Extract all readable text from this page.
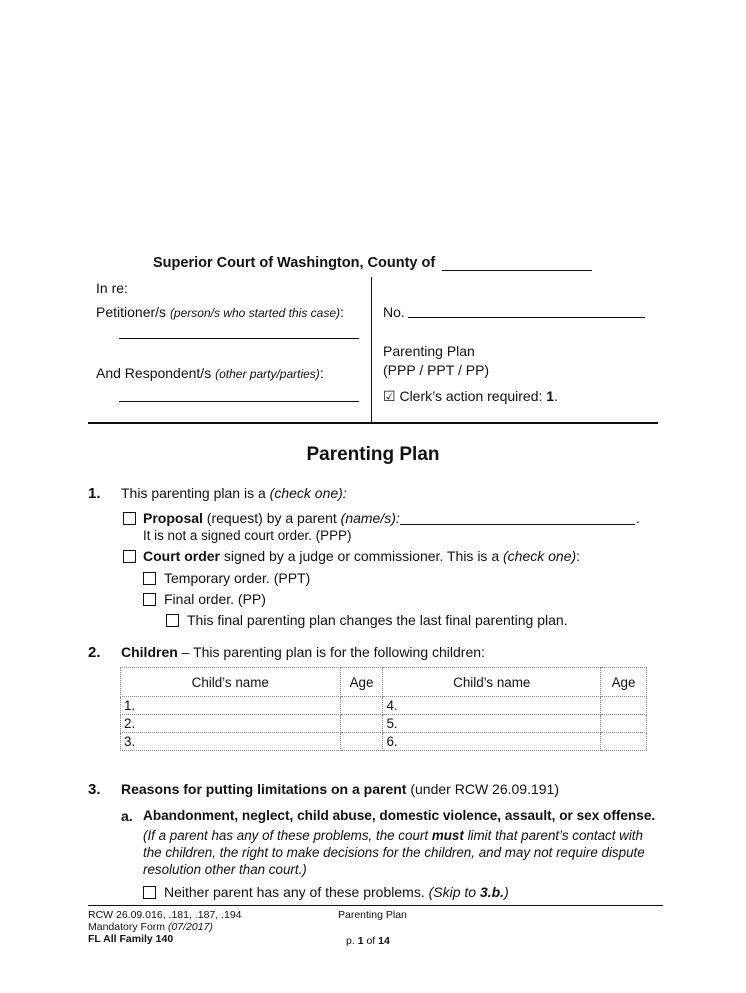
Superior Court of Washington, County of
In re:
Petitioner/s (person/s who started this case):
And Respondent/s (other party/parties):
No.
Parenting Plan
(PPP / PPT / PP)
☑ Clerk’s action required: 1.
Parenting Plan
1. This parenting plan is a (check one):
Proposal (request) by a parent (name/s):	.
It is not a signed court order. (PPP)
Court order signed by a judge or commissioner. This is a (check one):
Temporary order. (PPT)
Final order. (PP)
This final parenting plan changes the last final parenting plan.
2. Children – This parenting plan is for the following children:
Child’s name	Age	Child’s name	Age
1.		4.	
2.		5.	
3.		6.	
3. Reasons for putting limitations on a parent (under RCW 26.09.191)
a. Abandonment, neglect, child abuse, domestic violence, assault, or sex offense.
(If a parent has any of these problems, the court must limit that parent’s contact with
the children, the right to make decisions for the children, and may not require dispute
resolution other than court.)
Neither parent has any of these problems. (Skip to 3.b.)
RCW 26.09.016, .181, .187, .194
Mandatory Form (07/2017)
FL All Family 140
Parenting Plan
p. 1 of 14
